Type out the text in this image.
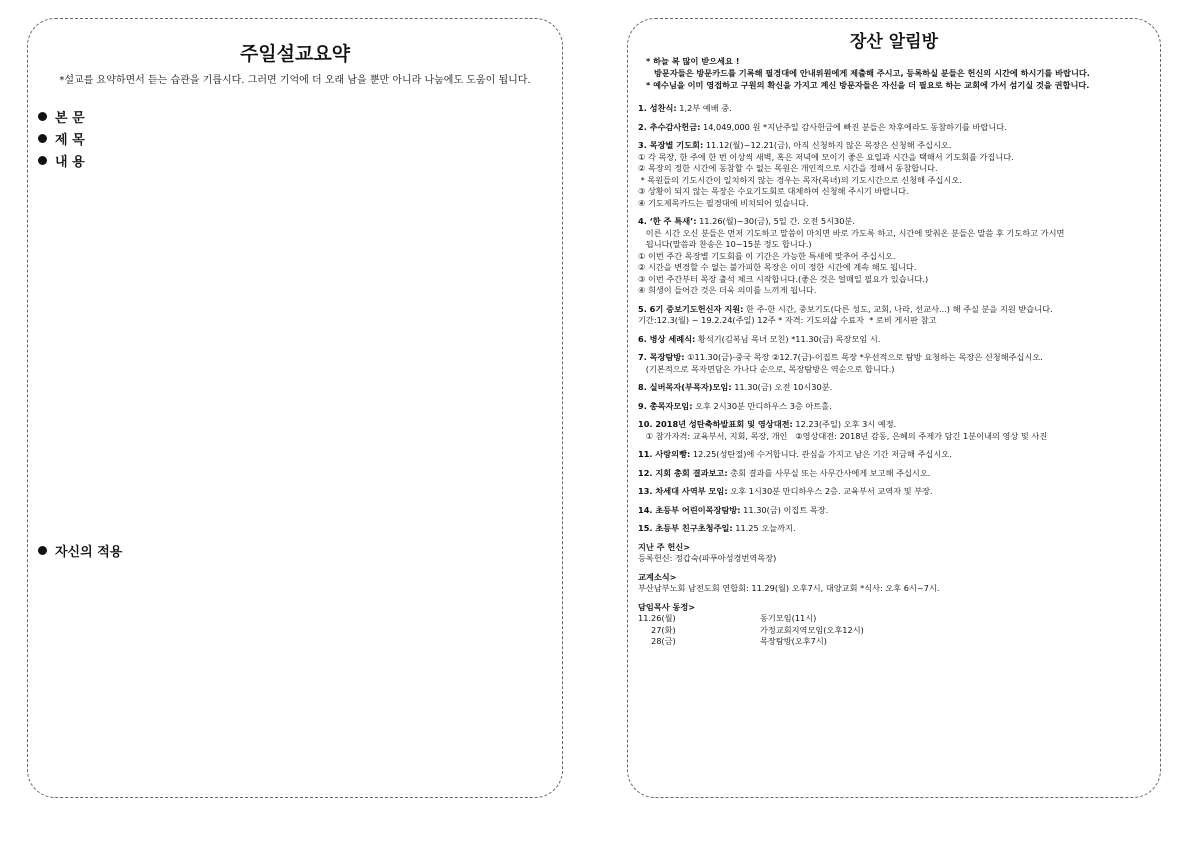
주일설교요약
*설교를 요약하면서 듣는 습관을 기릅시다. 그러면 기억에 더 오래 남을 뿐만 아니라 나눔에도 도움이 됩니다.
본 문
제 목
내 용
자신의 적용
장산 알림방
* 하늘 복 많이 받으세요 !
방문자들은 방문카드를 기록해 필경대에 안내위원에게 제출해 주시고, 등록하실 분들은 헌신의 시간에 하시기를 바랍니다.
* 예수님을 이미 영접하고 구원의 확신을 가지고 계신 방문자들은 자신을 더 필요로 하는 교회에 가서 섬기실 것을 권합니다.
1. 성찬식: 1,2부 예배 중.
2. 추수감사헌금: 14,049,000 원 *지난주일 감사헌금에 빠진 분들은 차후에라도 동참하기를 바랍니다.
3. 목장별 기도회: 11.12(월)~12.21(금), 아직 신청하지 않은 목장은 신청해 주십시오.
① 각 목장, 한 주에 한 번 이상씩 새벽, 혹은 저녁에 모이기 좋은 요일과 시간을 택해서 기도회를 가집니다.
② 목장의 정한 시간에 동참할 수 없는 목원은 개인적으로 시간을 정해서 동참합니다.
* 목원들의 기도시간이 일치하지 않는 경우는 목자(목녀)의 기도시간으로 신청해 주십시오.
③ 상황이 되지 않는 목장은 수요기도회로 대체하여 신청해 주시기 바랍니다.
④ 기도제목카드는 필경대에 비치되어 있습니다.
4. ‘한 주 특새’: 11.26(월)~30(금), 5일 간. 오전 5시30분.
이른 시간 오신 분들은 먼저 기도하고 말씀이 마치면 바로 가도록 하고, 시간에 맞춰온 분들은 말씀 후 기도하고 가시면
됩니다(말씀과 찬송은 10~15분 정도 합니다.)
① 이번 주간 목장별 기도회를 이 기간은 가능한 특새에 맞추어 주십시오.
② 시간을 변경할 수 없는 불가피한 목장은 이미 정한 시간에 계속 해도 됩니다.
③ 이번 주간부터 목장 출석 체크 시작합니다.(좋은 것은 얼매일 필요가 있습니다.)
④ 희생이 들어간 것은 더욱 의미를 느끼게 됩니다.
5. 6기 중보기도헌신자 지원: 한 주-한 시간, 중보기도(다른 성도, 교회, 나라, 선교사...) 해 주실 분을 지원 받습니다.
기간:12.3(월) ~ 19.2.24(주일) 12주 * 자격: 기도의삶 수료자  * 로비 게시판 참고
6. 병상 세례식: 황석기(김복님 목녀 모친) *11.30(금) 목장모임 시.
7. 목장탐방: ①11.30(금)-중국 목장 ②12.7(금)-이집트 목장 *우선적으로 탐방 요청하는 목장은 신청해주십시오.
(기본적으로 목자면담은 가나다 순으로, 목장탐방은 역순으로 합니다.)
8. 실버목자(부목자)모임: 11.30(금) 오전 10시30분.
9. 총목자모임: 오후 2시30분 만디하우스 3층 아트홀.
10. 2018년 성탄축하발표회 및 영상대전: 12.23(주일) 오후 3시 예정.
① 참가자격: 교육부서, 지회, 목장, 개인   ②영상대전: 2018년 감동, 은혜의 주제가 담긴 1분이내의 영상 및 사진
11. 사랑의빵: 12.25(성탄절)에 수거합니다. 관심을 가지고 남은 기간 저금해 주십시오.
12. 지회 총회 결과보고: 총회 결과를 사무실 또는 사무간사에게 보고해 주십시오.
13. 차세대 사역부 모임: 오후 1시30분 만디하우스 2층. 교육부서 교역자 및 부장.
14. 초등부 어린이목장탐방: 11.30(금) 이집트 목장.
15. 초등부 친구초청주일: 11.25 오늘까지.
지난 주 헌신>
등록헌신: 정갑숙(파푸아성경번역목장)
교계소식>
부산남부노회 남전도회 연합회: 11.29(월) 오후7시, 대양교회 *식사: 오후 6시~7시.
담임목사 동정>
11.26(월)	동기모임(11시)
27(화)	가정교회지역모임(오후12시)
28(금)	목장탐방(오후7시)
